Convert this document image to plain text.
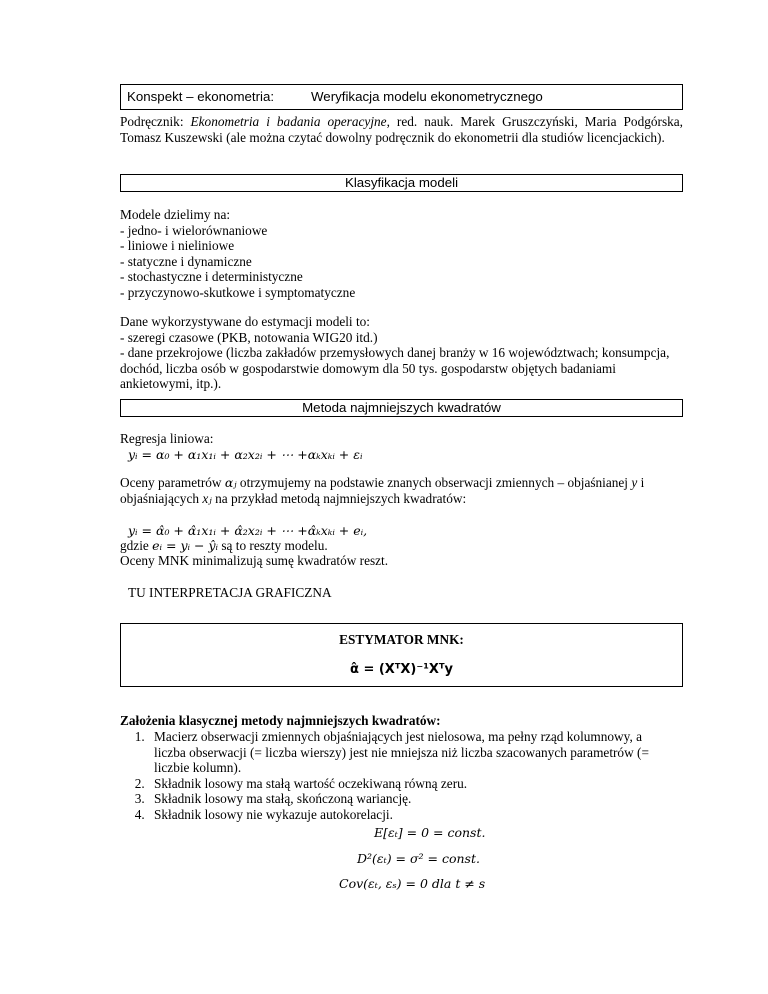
Konspekt – ekonometria:	Weryfikacja modelu ekonometrycznego
Podręcznik: Ekonometria i badania operacyjne, red. nauk. Marek Gruszczyński, Maria Podgórska, Tomasz Kuszewski (ale można czytać dowolny podręcznik do ekonometrii dla studiów licencjackich).
Klasyfikacja modeli
Modele dzielimy na:
- jedno- i wielorównaniowe
- liniowe i nieliniowe
- statyczne i dynamiczne
- stochastyczne i deterministyczne
- przyczynowo-skutkowe i symptomatyczne
Dane wykorzystywane do estymacji modeli to:
- szeregi czasowe (PKB, notowania WIG20 itd.)
- dane przekrojowe (liczba zakładów przemysłowych danej branży w 16 województwach; konsumpcja, dochód, liczba osób w gospodarstwie domowym dla 50 tys. gospodarstw objętych badaniami ankietowymi, itp.).
Metoda najmniejszych kwadratów
Regresja liniowa:
yᵢ = α₀ + α₁x₁ᵢ + α₂x₂ᵢ + ⋯ +αₖxₖᵢ + εᵢ
Oceny parametrów αⱼ otrzymujemy na podstawie znanych obserwacji zmiennych – objaśnianej y i objaśniających xⱼ na przykład metodą najmniejszych kwadratów:
yᵢ = α̂₀ + α̂₁x₁ᵢ + α̂₂x₂ᵢ + ⋯ +α̂ₖxₖᵢ + eᵢ,
gdzie eᵢ = yᵢ − ŷᵢ są to reszty modelu.
Oceny MNK minimalizują sumę kwadratów reszt.
TU INTERPRETACJA GRAFICZNA
ESTYMATOR MNK:
α̂ = (XᵀX)⁻¹Xᵀy
Założenia klasycznej metody najmniejszych kwadratów:
1. Macierz obserwacji zmiennych objaśniających jest nielosowa, ma pełny rząd kolumnowy, a liczba obserwacji (= liczba wierszy) jest nie mniejsza niż liczba szacowanych parametrów (= liczbie kolumn).
2. Składnik losowy ma stałą wartość oczekiwaną równą zeru.
3. Składnik losowy ma stałą, skończoną wariancję.
4. Składnik losowy nie wykazuje autokorelacji.
E[εₜ] = 0 = const.
D²(εₜ) = σ² = const.
Cov(εₜ, εₛ) = 0 dla t ≠ s
